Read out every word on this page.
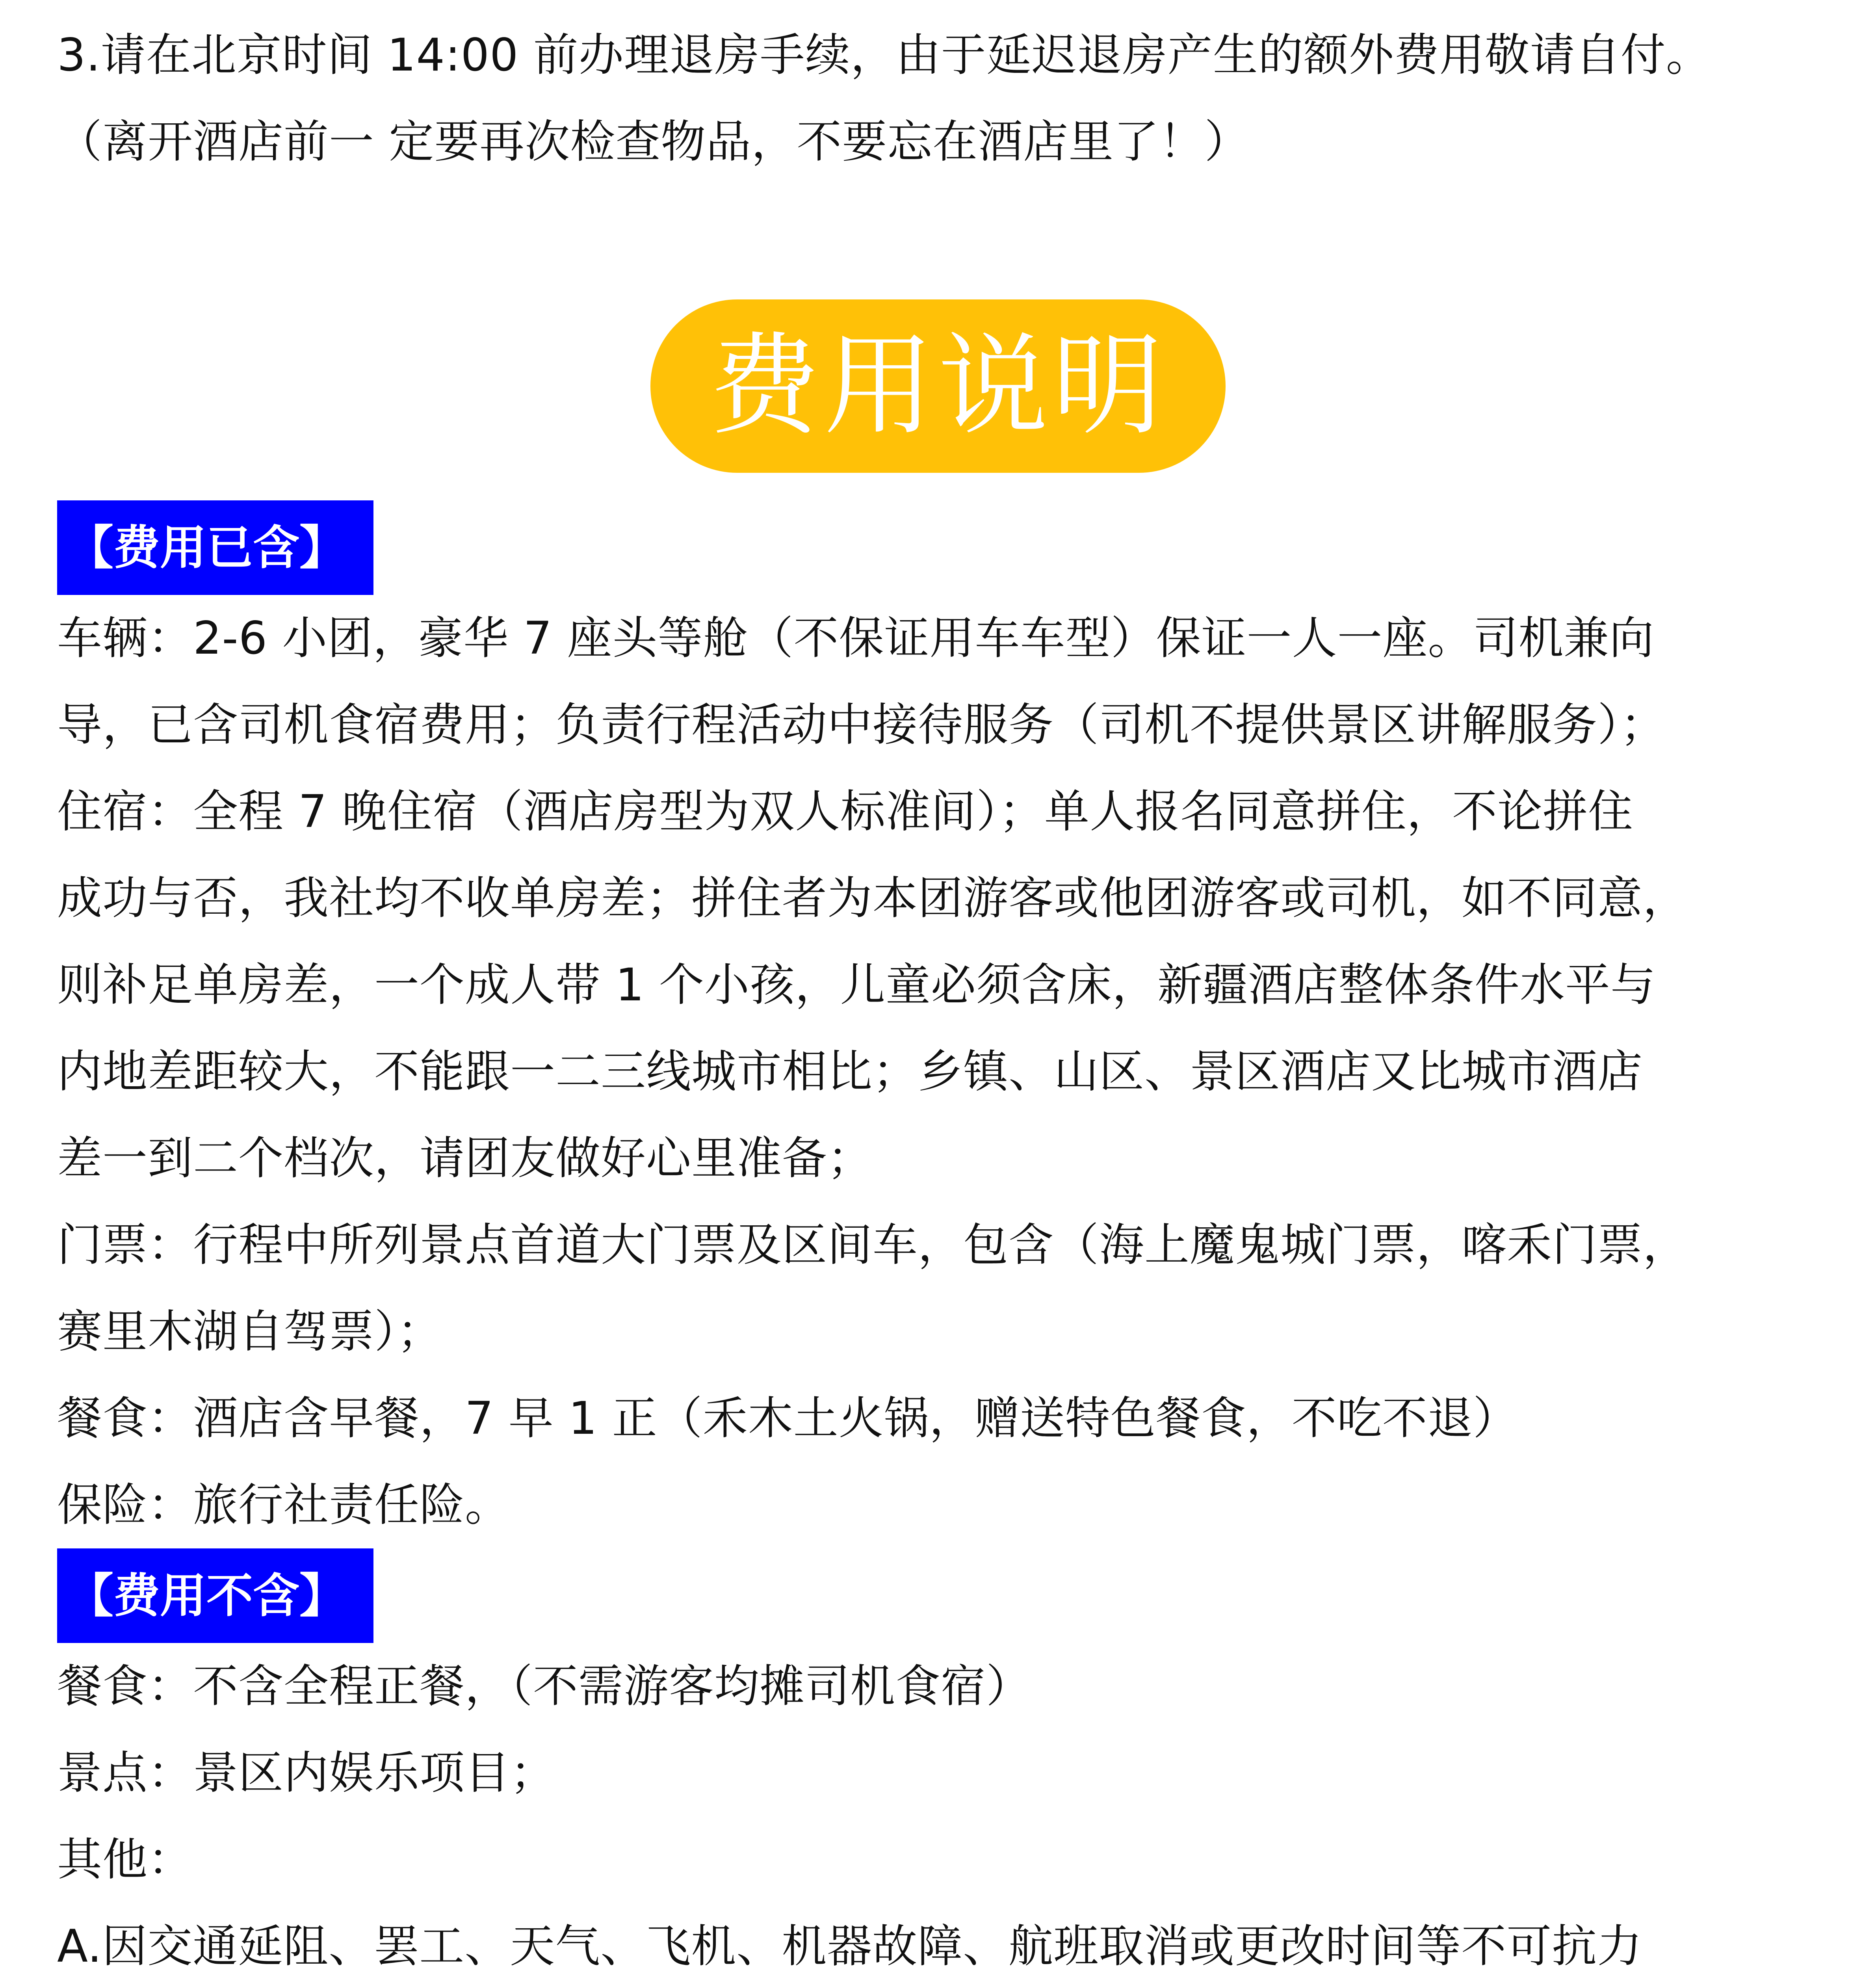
3.请在北京时间 14:00 前办理退房手续，由于延迟退房产生的额外费用敬请自付。
（离开酒店前一 定要再次检查物品，不要忘在酒店里了！）
费用说明
【费用已含】
车辆：2-6 小团，豪华 7 座头等舱（不保证用车车型）保证一人一座。司机兼向
导，已含司机食宿费用；负责行程活动中接待服务（司机不提供景区讲解服务）；
住宿：全程 7 晚住宿（酒店房型为双人标准间）；单人报名同意拼住，不论拼住
成功与否，我社均不收单房差；拼住者为本团游客或他团游客或司机，如不同意，
则补足单房差，一个成人带 1 个小孩，儿童必须含床，新疆酒店整体条件水平与
内地差距较大，不能跟一二三线城市相比；乡镇、山区、景区酒店又比城市酒店
差一到二个档次，请团友做好心里准备；
门票：行程中所列景点首道大门票及区间车，包含（海上魔鬼城门票，喀禾门票，
赛里木湖自驾票）；
餐食：酒店含早餐，7 早 1 正（禾木土火锅，赠送特色餐食，不吃不退）
保险：旅行社责任险。
【费用不含】
餐食：不含全程正餐，（不需游客均摊司机食宿）
景点：景区内娱乐项目；
其他：
A.因交通延阻、罢工、天气、飞机、机器故障、航班取消或更改时间等不可抗力
